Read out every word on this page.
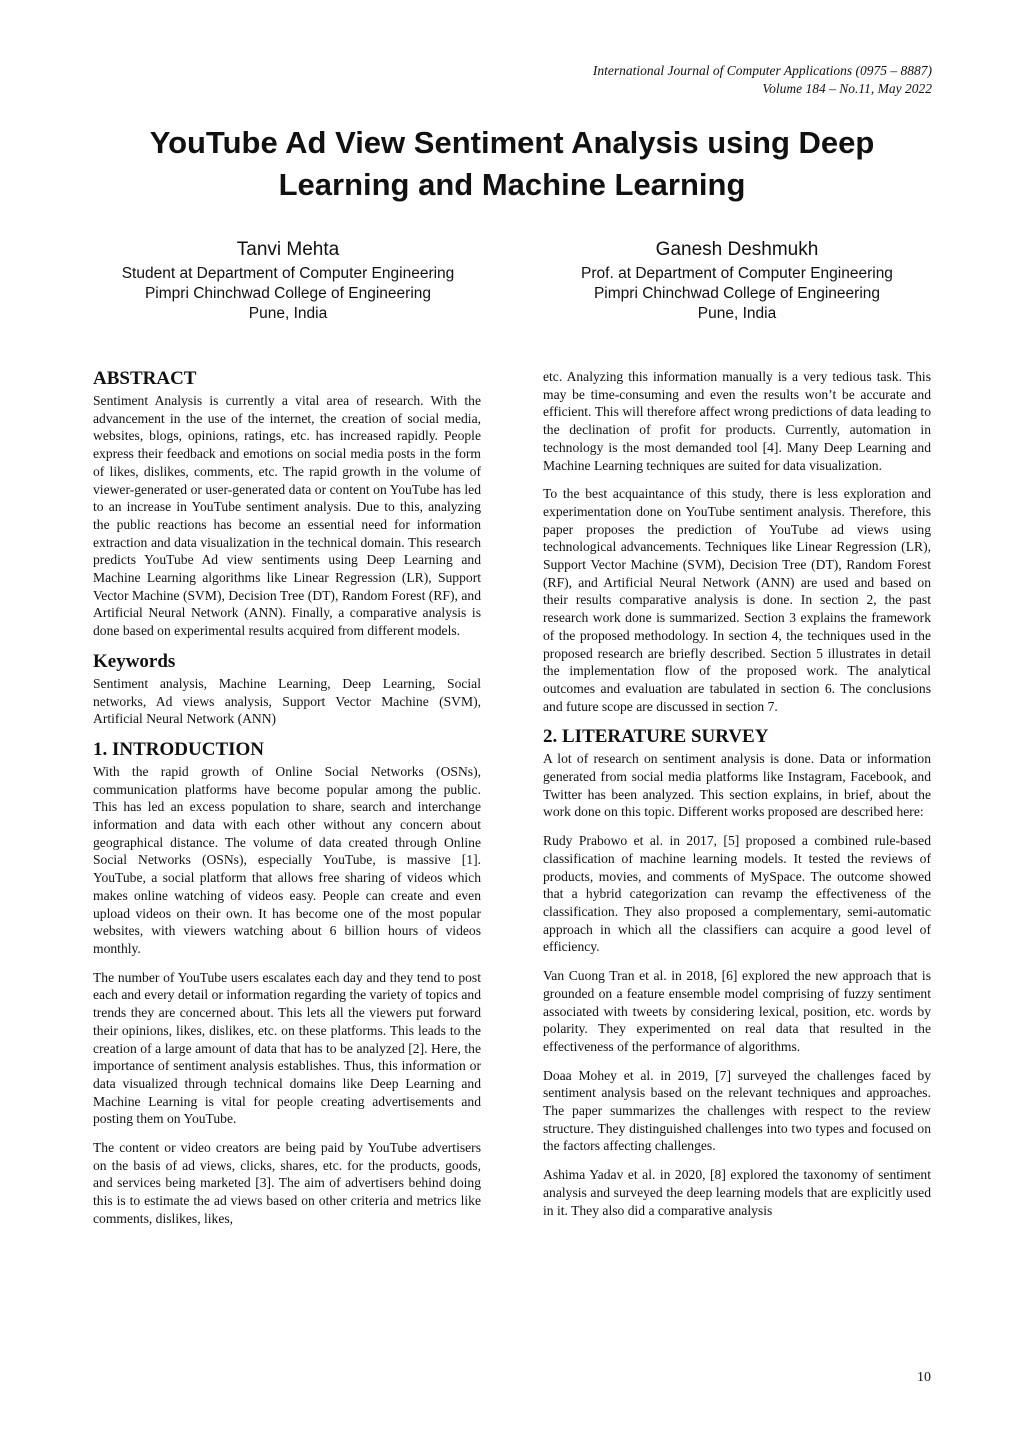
International Journal of Computer Applications (0975 – 8887)
Volume 184 – No.11, May 2022
YouTube Ad View Sentiment Analysis using Deep
Learning and Machine Learning
Tanvi Mehta
Student at Department of Computer Engineering
Pimpri Chinchwad College of Engineering
Pune, India
Ganesh Deshmukh
Prof. at Department of Computer Engineering
Pimpri Chinchwad College of Engineering
Pune, India
ABSTRACT

Sentiment Analysis is currently a vital area of research. With the advancement in the use of the internet, the creation of social media, websites, blogs, opinions, ratings, etc. has increased rapidly. People express their feedback and emotions on social media posts in the form of likes, dislikes, comments, etc. The rapid growth in the volume of viewer-generated or user-generated data or content on YouTube has led to an increase in YouTube sentiment analysis. Due to this, analyzing the public reactions has become an essential need for information extraction and data visualization in the technical domain. This research predicts YouTube Ad view sentiments using Deep Learning and Machine Learning algorithms like Linear Regression (LR), Support Vector Machine (SVM), Decision Tree (DT), Random Forest (RF), and Artificial Neural Network (ANN). Finally, a comparative analysis is done based on experimental results acquired from different models.

Keywords

Sentiment analysis, Machine Learning, Deep Learning, Social networks, Ad views analysis, Support Vector Machine (SVM), Artificial Neural Network (ANN)

1. INTRODUCTION

With the rapid growth of Online Social Networks (OSNs), communication platforms have become popular among the public. This has led an excess population to share, search and interchange information and data with each other without any concern about geographical distance. The volume of data created through Online Social Networks (OSNs), especially YouTube, is massive [1]. YouTube, a social platform that allows free sharing of videos which makes online watching of videos easy. People can create and even upload videos on their own. It has become one of the most popular websites, with viewers watching about 6 billion hours of videos monthly.

The number of YouTube users escalates each day and they tend to post each and every detail or information regarding the variety of topics and trends they are concerned about. This lets all the viewers put forward their opinions, likes, dislikes, etc. on these platforms. This leads to the creation of a large amount of data that has to be analyzed [2]. Here, the importance of sentiment analysis establishes. Thus, this information or data visualized through technical domains like Deep Learning and Machine Learning is vital for people creating advertisements and posting them on YouTube.

The content or video creators are being paid by YouTube advertisers on the basis of ad views, clicks, shares, etc. for the products, goods, and services being marketed [3]. The aim of advertisers behind doing this is to estimate the ad views based on other criteria and metrics like comments, dislikes, likes,

etc. Analyzing this information manually is a very tedious task. This may be time-consuming and even the results won’t be accurate and efficient. This will therefore affect wrong predictions of data leading to the declination of profit for products. Currently, automation in technology is the most demanded tool [4]. Many Deep Learning and Machine Learning techniques are suited for data visualization.

To the best acquaintance of this study, there is less exploration and experimentation done on YouTube sentiment analysis. Therefore, this paper proposes the prediction of YouTube ad views using technological advancements. Techniques like Linear Regression (LR), Support Vector Machine (SVM), Decision Tree (DT), Random Forest (RF), and Artificial Neural Network (ANN) are used and based on their results comparative analysis is done. In section 2, the past research work done is summarized. Section 3 explains the framework of the proposed methodology. In section 4, the techniques used in the proposed research are briefly described. Section 5 illustrates in detail the implementation flow of the proposed work. The analytical outcomes and evaluation are tabulated in section 6. The conclusions and future scope are discussed in section 7.

2. LITERATURE SURVEY

A lot of research on sentiment analysis is done. Data or information generated from social media platforms like Instagram, Facebook, and Twitter has been analyzed. This section explains, in brief, about the work done on this topic. Different works proposed are described here:

Rudy Prabowo et al. in 2017, [5] proposed a combined rule-based classification of machine learning models. It tested the reviews of products, movies, and comments of MySpace. The outcome showed that a hybrid categorization can revamp the effectiveness of the classification. They also proposed a complementary, semi-automatic approach in which all the classifiers can acquire a good level of efficiency.

Van Cuong Tran et al. in 2018, [6] explored the new approach that is grounded on a feature ensemble model comprising of fuzzy sentiment associated with tweets by considering lexical, position, etc. words by polarity. They experimented on real data that resulted in the effectiveness of the performance of algorithms.

Doaa Mohey et al. in 2019, [7] surveyed the challenges faced by sentiment analysis based on the relevant techniques and approaches. The paper summarizes the challenges with respect to the review structure. They distinguished challenges into two types and focused on the factors affecting challenges.

Ashima Yadav et al. in 2020, [8] explored the taxonomy of sentiment analysis and surveyed the deep learning models that are explicitly used in it. They also did a comparative analysis

10
